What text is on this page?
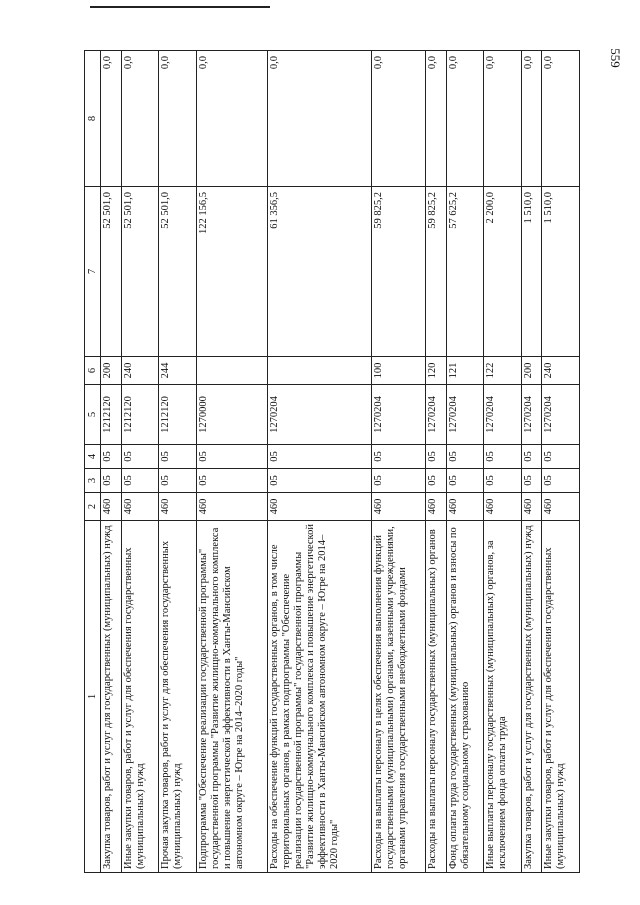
559
1	2	3	4	5	6	7	8
Закупка товаров, работ и услуг для государственных (муниципальных) нужд	460	05	05	1212120	200	52 501,0	0,0
Иные закупки товаров, работ и услуг для обеспечения государственных (муниципальных) нужд	460	05	05	1212120	240	52 501,0	0,0
Прочая закупка товаров, работ и услуг для обеспечения государственных (муниципальных) нужд	460	05	05	1212120	244	52 501,0	0,0
Подпрограмма "Обеспечение реализации государственной программы" государственной программы "Развитие жилищно-коммунального комплекса и повышение энергетической эффективности в Ханты-Мансийском автономном округе – Югре на 2014–2020 годы"	460	05	05	1270000		122 156,5	0,0
Расходы на обеспечение функций государственных органов, в том числе территориальных органов, в рамках подпрограммы "Обеспечение реализации государственной программы" государственной программы "Развитие жилищно-коммунального комплекса и повышение энергетической эффективности в Ханты-Мансийском автономном округе – Югре на 2014–2020 годы"	460	05	05	1270204		61 356,5	0,0
Расходы на выплаты персоналу в целях обеспечения выполнения функций государственными (муниципальными) органами, казенными учреждениями, органами управления государственными внебюджетными фондами	460	05	05	1270204	100	59 825,2	0,0
Расходы на выплаты персоналу государственных (муниципальных) органов	460	05	05	1270204	120	59 825,2	0,0
Фонд оплаты труда государственных (муниципальных) органов и взносы по обязательному социальному страхованию	460	05	05	1270204	121	57 625,2	0,0
Иные выплаты персоналу государственных (муниципальных) органов, за исключением фонда оплаты труда	460	05	05	1270204	122	2 200,0	0,0
Закупка товаров, работ и услуг для государственных (муниципальных) нужд	460	05	05	1270204	200	1 510,0	0,0
Иные закупки товаров, работ и услуг для обеспечения государственных (муниципальных) нужд	460	05	05	1270204	240	1 510,0	0,0
